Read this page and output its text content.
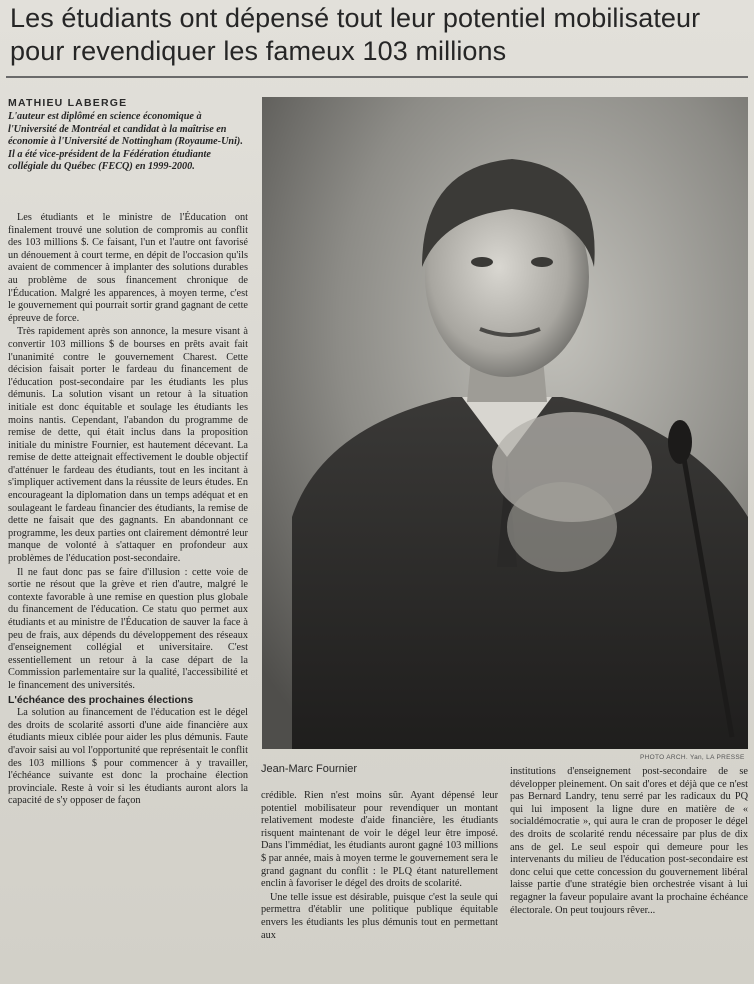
Les étudiants ont dépensé tout leur potentiel mobilisateur pour revendiquer les fameux 103 millions
MATHIEU LABERGE

L'auteur est diplômé en science économique à l'Université de Montréal et candidat à la maîtrise en économie à l'Université de Nottingham (Royaume-Uni). Il a été vice-président de la Fédération étudiante collégiale du Québec (FECQ) en 1999-2000.

Les étudiants et le ministre de l'Éducation ont finalement trouvé une solution de compromis au conflit des 103 millions $. Ce faisant, l'un et l'autre ont favorisé un dénouement à court terme, en dépit de l'occasion qu'ils avaient de commencer à implanter des solutions durables au problème de sous financement chronique de l'Éducation. Malgré les apparences, à moyen terme, c'est le gouvernement qui pourrait sortir grand gagnant de cette épreuve de force.

Très rapidement après son annonce, la mesure visant à convertir 103 millions $ de bourses en prêts avait fait l'unanimité contre le gouvernement Charest. Cette décision faisait porter le fardeau du financement de l'éducation post-secondaire par les étudiants les plus démunis. La solution visant un retour à la situation initiale est donc équitable et soulage les étudiants les moins nantis. Cependant, l'abandon du programme de remise de dette, qui était inclus dans la proposition initiale du ministre Fournier, est hautement décevant. La remise de dette atteignait effectivement le double objectif d'atténuer le fardeau des étudiants, tout en les incitant à s'impliquer activement dans la réussite de leurs études. En encourageant la diplomation dans un temps adéquat et en soulageant le fardeau financier des étudiants, la remise de dette ne faisait que des gagnants. En abandonnant ce programme, les deux parties ont clairement démontré leur manque de volonté à s'attaquer en profondeur aux problèmes de l'éducation post-secondaire.

Il ne faut donc pas se faire d'illusion : cette voie de sortie ne résout que la grève et rien d'autre, malgré le contexte favorable à une remise en question plus globale du financement de l'éducation. Ce statu quo permet aux étudiants et au ministre de l'Éducation de sauver la face à peu de frais, aux dépends du développement des réseaux d'enseignement collégial et universitaire. C'est essentiellement un retour à la case départ de la Commission parlementaire sur la qualité, l'accessibilité et le financement des universités.

L'échéance des prochaines élections

La solution au financement de l'éducation est le dégel des droits de scolarité assorti d'une aide financière aux étudiants mieux ciblée pour aider les plus démunis. Faute d'avoir saisi au vol l'opportunité que représentait le conflit des 103 millions $ pour commencer à y travailler, l'échéance suivante est donc la prochaine élection provinciale. Reste à voir si les étudiants auront alors la capacité de s'y opposer de façon

PHOTO ARCH. Yan, LA PRESSE
Jean-Marc Fournier

crédible. Rien n'est moins sûr. Ayant dépensé leur potentiel mobilisateur pour revendiquer un montant relativement modeste d'aide financière, les étudiants risquent maintenant de voir le dégel leur être imposé. Dans l'immédiat, les étudiants auront gagné 103 millions $ par année, mais à moyen terme le gouvernement sera le grand gagnant du conflit : le PLQ étant naturellement enclin à favoriser le dégel des droits de scolarité.

Une telle issue est désirable, puisque c'est la seule qui permettra d'établir une politique publique équitable envers les étudiants les plus démunis tout en permettant aux

institutions d'enseignement post-secondaire de se développer pleinement. On sait d'ores et déjà que ce n'est pas Bernard Landry, tenu serré par les radicaux du PQ qui lui imposent la ligne dure en matière de « socialdémocratie », qui aura le cran de proposer le dégel des droits de scolarité rendu nécessaire par plus de dix ans de gel. Le seul espoir qui demeure pour les intervenants du milieu de l'éducation post-secondaire est donc celui que cette concession du gouvernement libéral laisse partie d'une stratégie bien orchestrée visant à lui regagner la faveur populaire avant la prochaine échéance électorale. On peut toujours rêver...
